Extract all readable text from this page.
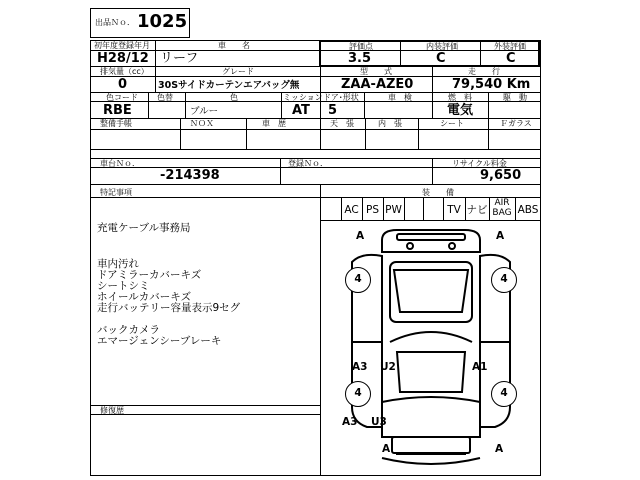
出品Ｎｏ． 1025
初年度登録年月
H28/12
車　　名
リーフ
評価点
3.5
内装評価
C
外装評価
C
排気量（cc）
0
グレード
30Sサイドカーテンエアバッグ無
型　　式
ZAA-AZE0
走　　行
79,540 Km
色コード
RBE
色替	色
ブルー
ミッション
AT
ドア･形状
5
車　検	燃　料
電気
駆　動
整備手帳	ＮＯＸ	車　歴	天　張	内　張	シート	Ｆガラス
車台Ｎｏ．
-214398
登録Ｎｏ．	リサイクル料金
9,650
特記事項
充電ケーブル事務局
車内汚れ
ドアミラーカバーキズ
シートシミ
ホイールカバーキズ
走行バッテリー容量表示9セグ
バックカメラ
エマージェンシーブレーキ
修復歴
装　　備
AC PS PW	TV ナビ
AIR BAG ABS
A	A
A3 U2	A1
A3 U3
A	A
4	4
4	4
